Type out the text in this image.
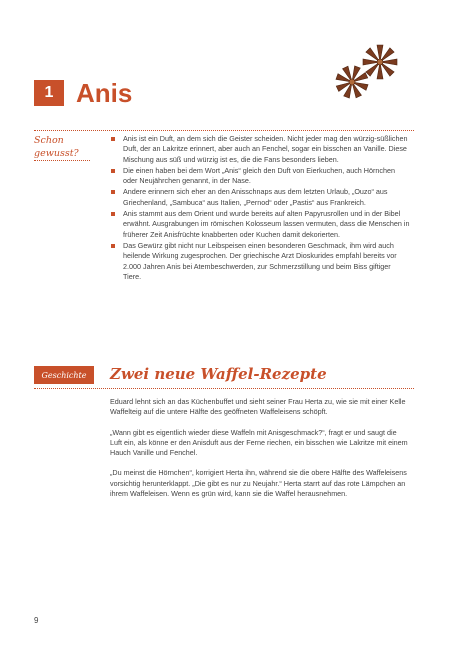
1 Anis
Schon gewusst?
Anis ist ein Duft, an dem sich die Geister scheiden. Nicht jeder mag den würzig-süßlichen Duft, der an Lakritze erinnert, aber auch an Fenchel, sogar ein bisschen an Vanille. Diese Mischung aus süß und würzig ist es, die die Fans besonders lieben.
Die einen haben bei dem Wort „Anis“ gleich den Duft von Eierkuchen, auch Hörnchen oder Neujährchen genannt, in der Nase.
Andere erinnern sich eher an den Anisschnaps aus dem letzten Urlaub, „Ouzo“ aus Griechenland, „Sambuca“ aus Italien, „Pernod“ oder „Pastis“ aus Frankreich.
Anis stammt aus dem Orient und wurde bereits auf alten Papyrusrollen und in der Bibel erwähnt. Ausgrabungen im römischen Kolosseum lassen vermuten, dass die Menschen in früherer Zeit Anisfrüchte knabberten oder Kuchen damit dekorierten.
Das Gewürz gibt nicht nur Leibspeisen einen besonderen Geschmack, ihm wird auch heilende Wirkung zugesprochen. Der griechische Arzt Dioskurides empfahl bereits vor 2.000 Jahren Anis bei Atembeschwerden, zur Schmerzstillung und beim Biss giftiger Tiere.
Geschichte	Zwei neue Waffel-Rezepte

Eduard lehnt sich an das Küchenbuffet und sieht seiner Frau Herta zu, wie sie mit einer Kelle Waffelteig auf die untere Hälfte des geöffneten Waffeleisens schöpft.

„Wann gibt es eigentlich wieder diese Waffeln mit Anisgeschmack?“, fragt er und saugt die Luft ein, als könne er den Anisduft aus der Ferne riechen, ein bisschen wie Lakritze mit einem Hauch Vanille und Fenchel.

„Du meinst die Hörnchen“, korrigiert Herta ihn, während sie die obere Hälfte des Waffeleisens vorsichtig herunterklappt. „Die gibt es nur zu Neujahr.“ Herta starrt auf das rote Lämpchen an ihrem Waffeleisen. Wenn es grün wird, kann sie die Waffel herausnehmen.

9
